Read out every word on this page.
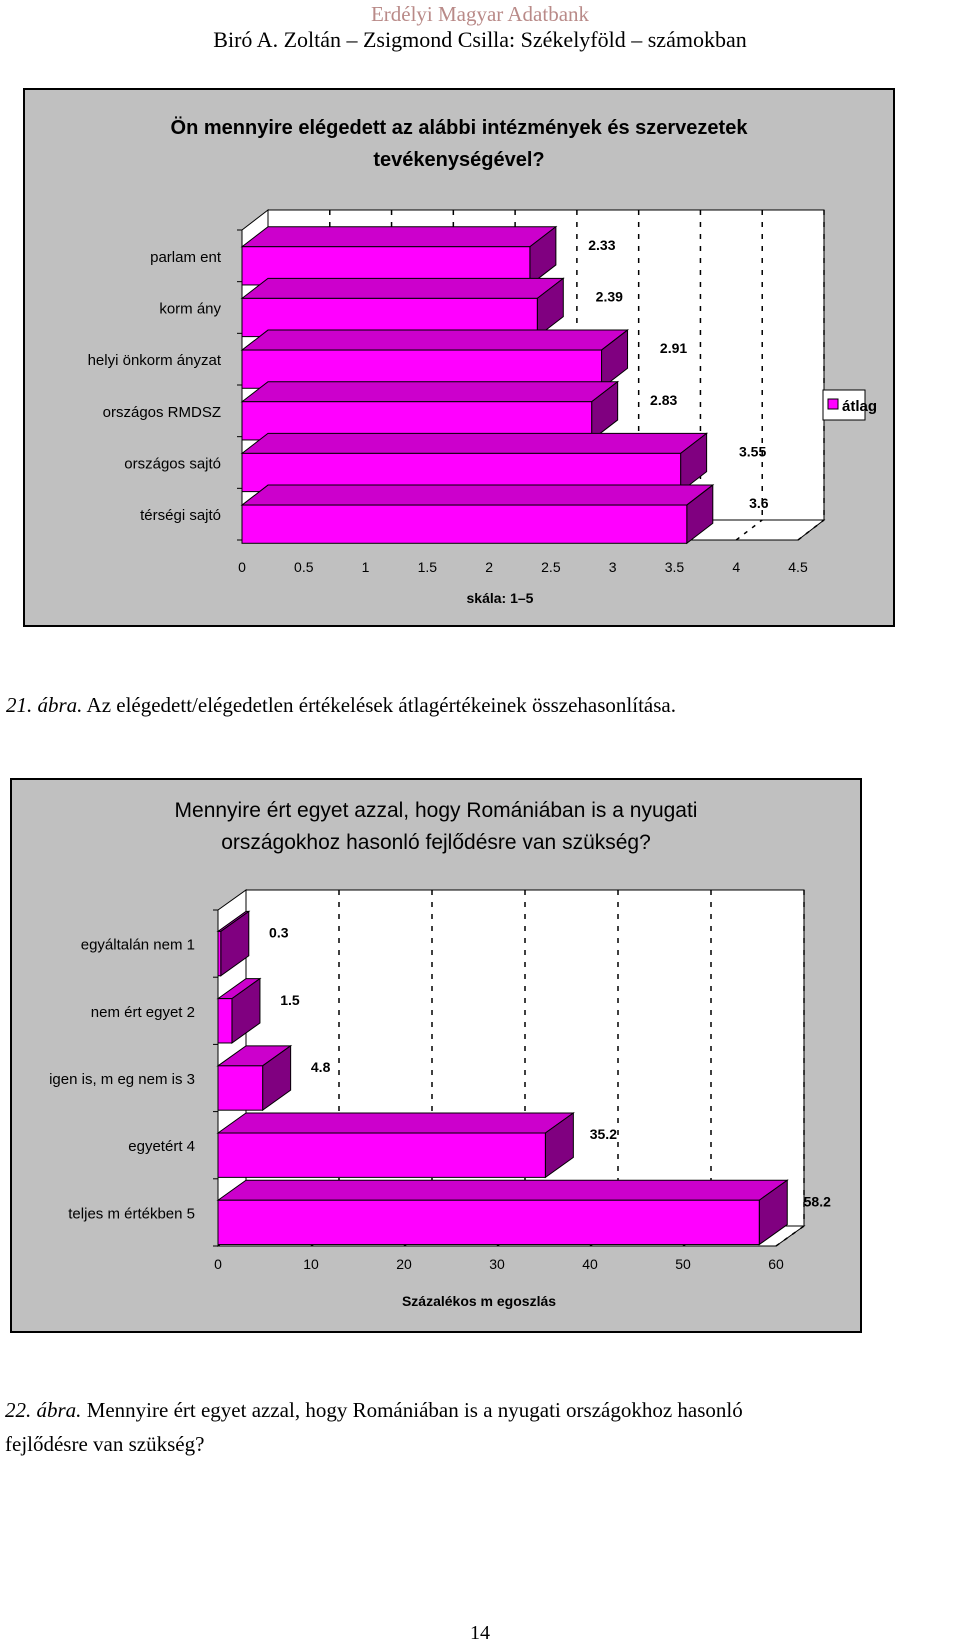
Erdélyi Magyar Adatbank
Biró A. Zoltán – Zsigmond Csilla: Székelyföld – számokban
Ön mennyire elégedett az alábbi intézmények és szervezetek
tevékenységével?
parlam ent
korm ány
helyi önkorm ányzat
országos RMDSZ
országos sajtó
térségi sajtó
2.33
2.39
2.91
2.83
3.55
3.6
0	0.5	1	1.5	2	2.5	3	3.5	4	4.5
skála: 1–5
átlag
21. ábra. Az elégedett/elégedetlen értékelések átlagértékeinek összehasonlítása.
Mennyire ért egyet azzal, hogy Romániában is a nyugati
országokhoz hasonló fejlődésre van szükség?
egyáltalán nem 1
nem ért egyet 2
igen is, m eg nem is 3
egyetért 4
teljes m értékben 5
0.3
1.5
4.8
35.2
58.2
0	10	20	30	40	50	60
Százalékos m egoszlás
22. ábra. Mennyire ért egyet azzal, hogy Romániában is a nyugati országokhoz hasonló
fejlődésre van szükség?
14
